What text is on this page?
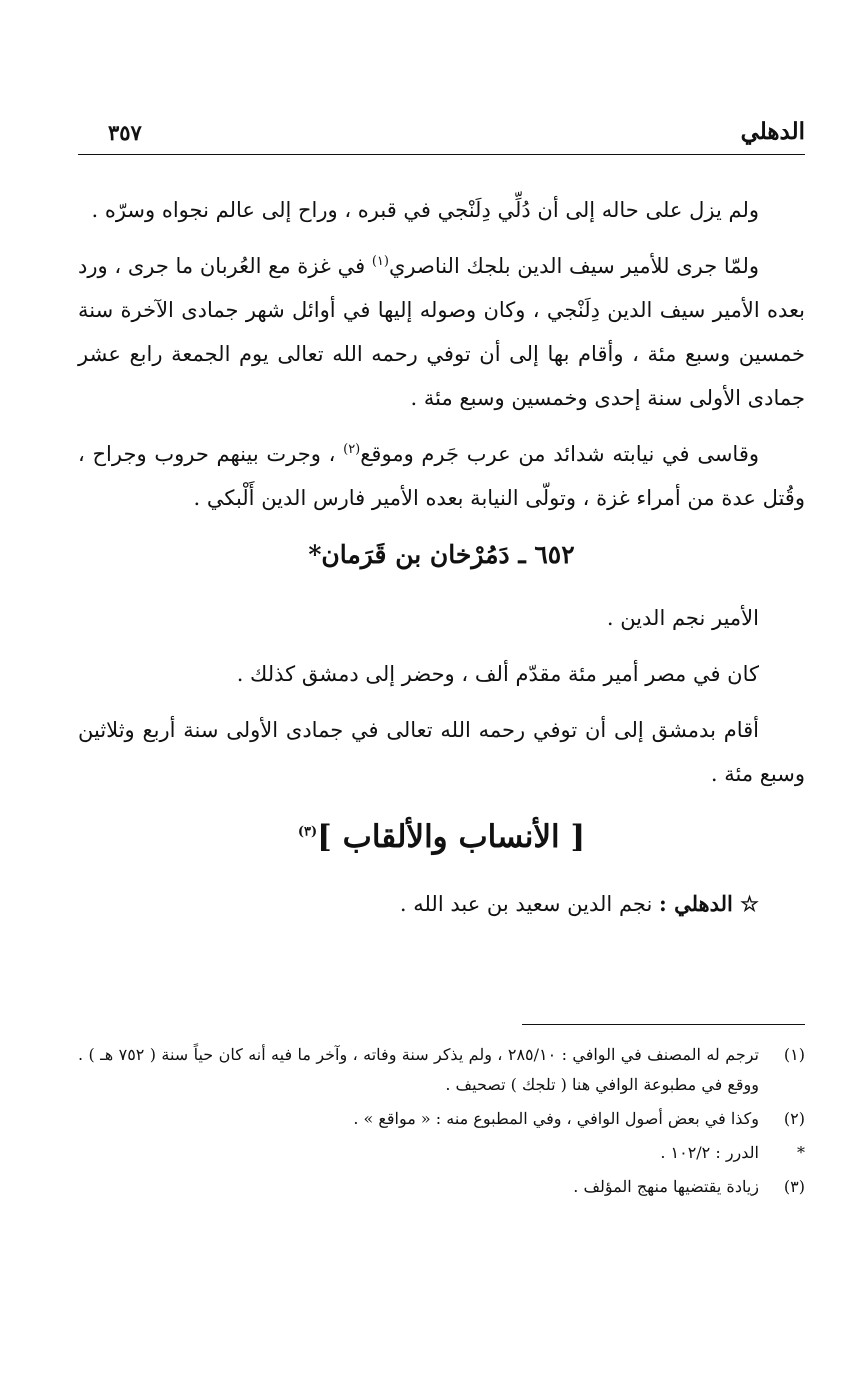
الدهلي
٣٥٧

ولم يزل على حاله إلى أن دُلِّي دِلَنْجي في قبره ، وراح إلى عالم نجواه وسرّه .

ولمّا جرى للأمير سيف الدين بلجك الناصري$^{(١)}$ في غزة مع العُربان ما جرى ، ورد بعده الأمير سيف الدين دِلَنْجي ، وكان وصوله إليها في أوائل شهر جمادى الآخرة سنة خمسين وسبع مئة ، وأقام بها إلى أن توفي رحمه الله تعالى يوم الجمعة رابع عشر جمادى الأولى سنة إحدى وخمسين وسبع مئة .

وقاسى في نيابته شدائد من عرب جَرم وموقع$^{(٢)}$ ، وجرت بينهم حروب وجراح ، وقُتل عدة من أمراء غزة ، وتولّى النيابة بعده الأمير فارس الدين أَلْبكي .

٦٥٢ ـ دَمُرْخان بن قَرَمان*

الأمير نجم الدين .

كان في مصر أمير مئة مقدّم ألف ، وحضر إلى دمشق كذلك .

أقام بدمشق إلى أن توفي رحمه الله تعالى في جمادى الأولى سنة أربع وثلاثين وسبع مئة .

[ الأنساب والألقاب ]$^{(٣)}$

☆ الدهلي : نجم الدين سعيد بن عبد الله .

(١)
ترجم له المصنف في الوافي : ٢٨٥/١٠ ، ولم يذكر سنة وفاته ، وآخر ما فيه أنه كان حياً سنة ( ٧٥٢ هـ ) . ووقع في مطبوعة الوافي هنا ( تلجك ) تصحيف .
(٢)
وكذا في بعض أصول الوافي ، وفي المطبوع منه : « مواقع » .
*
الدرر : ١٠٢/٢ .
(٣)
زيادة يقتضيها منهج المؤلف .
